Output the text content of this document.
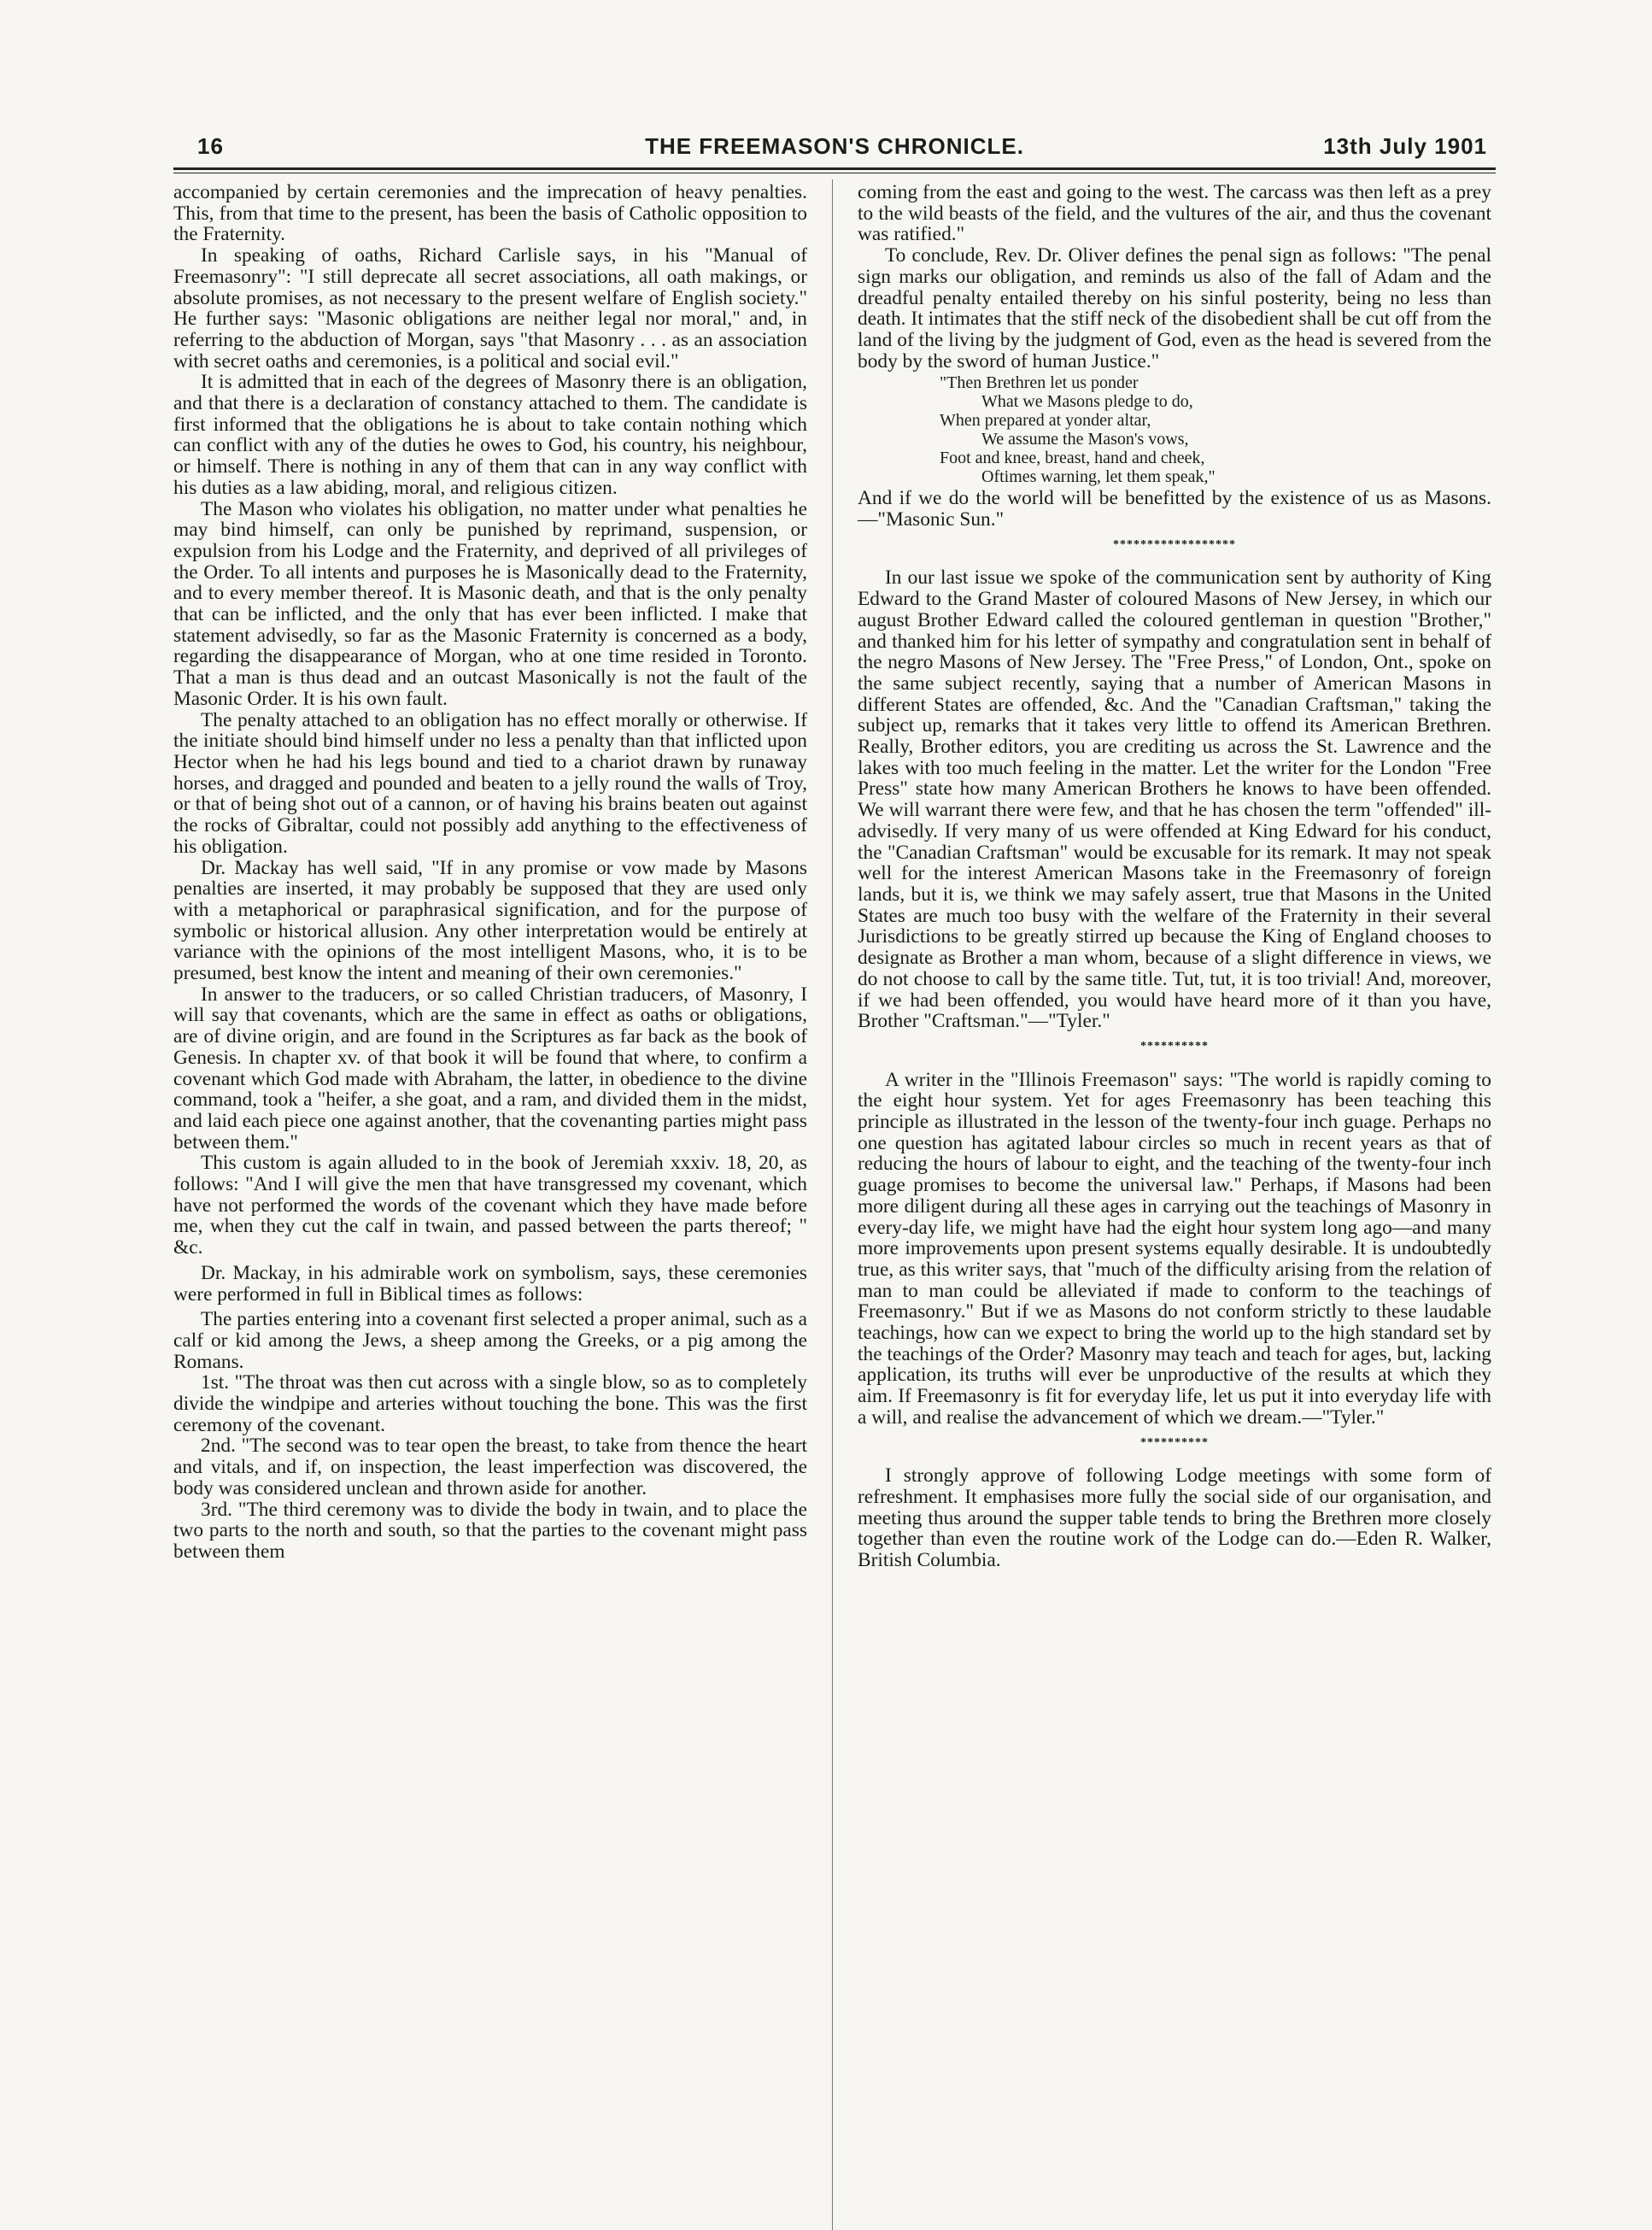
16	THE FREEMASON'S CHRONICLE.	13th July 1901

accompanied by certain ceremonies and the imprecation of heavy penalties. This, from that time to the present, has been the basis of Catholic opposition to the Fraternity.

In speaking of oaths, Richard Carlisle says, in his "Manual of Freemasonry": "I still deprecate all secret associations, all oath makings, or absolute promises, as not necessary to the present welfare of English society." He further says: "Masonic obligations are neither legal nor moral," and, in referring to the abduction of Morgan, says "that Masonry . . . as an association with secret oaths and ceremonies, is a political and social evil."

It is admitted that in each of the degrees of Masonry there is an obligation, and that there is a declaration of constancy attached to them. The candidate is first informed that the obligations he is about to take contain nothing which can conflict with any of the duties he owes to God, his country, his neighbour, or himself. There is nothing in any of them that can in any way conflict with his duties as a law abiding, moral, and religious citizen.

The Mason who violates his obligation, no matter under what penalties he may bind himself, can only be punished by reprimand, suspension, or expulsion from his Lodge and the Fraternity, and deprived of all privileges of the Order. To all intents and purposes he is Masonically dead to the Fraternity, and to every member thereof. It is Masonic death, and that is the only penalty that can be inflicted, and the only that has ever been inflicted. I make that statement advisedly, so far as the Masonic Fraternity is concerned as a body, regarding the disappearance of Morgan, who at one time resided in Toronto. That a man is thus dead and an outcast Masonically is not the fault of the Masonic Order. It is his own fault.

The penalty attached to an obligation has no effect morally or otherwise. If the initiate should bind himself under no less a penalty than that inflicted upon Hector when he had his legs bound and tied to a chariot drawn by runaway horses, and dragged and pounded and beaten to a jelly round the walls of Troy, or that of being shot out of a cannon, or of having his brains beaten out against the rocks of Gibraltar, could not possibly add anything to the effectiveness of his obligation.

Dr. Mackay has well said, "If in any promise or vow made by Masons penalties are inserted, it may probably be supposed that they are used only with a metaphorical or paraphrasical signification, and for the purpose of symbolic or historical allusion. Any other interpretation would be entirely at variance with the opinions of the most intelligent Masons, who, it is to be presumed, best know the intent and meaning of their own ceremonies."

In answer to the traducers, or so called Christian traducers, of Masonry, I will say that covenants, which are the same in effect as oaths or obligations, are of divine origin, and are found in the Scriptures as far back as the book of Genesis. In chapter xv. of that book it will be found that where, to confirm a covenant which God made with Abraham, the latter, in obedience to the divine command, took a "heifer, a she goat, and a ram, and divided them in the midst, and laid each piece one against another, that the covenanting parties might pass between them."

This custom is again alluded to in the book of Jeremiah xxxiv. 18, 20, as follows: "And I will give the men that have transgressed my covenant, which have not performed the words of the covenant which they have made before me, when they cut the calf in twain, and passed between the parts thereof; " &c.

Dr. Mackay, in his admirable work on symbolism, says, these ceremonies were performed in full in Biblical times as follows:

The parties entering into a covenant first selected a proper animal, such as a calf or kid among the Jews, a sheep among the Greeks, or a pig among the Romans.

1st. "The throat was then cut across with a single blow, so as to completely divide the windpipe and arteries without touching the bone. This was the first ceremony of the covenant.

2nd. "The second was to tear open the breast, to take from thence the heart and vitals, and if, on inspection, the least imperfection was discovered, the body was considered unclean and thrown aside for another.

3rd. "The third ceremony was to divide the body in twain, and to place the two parts to the north and south, so that the parties to the covenant might pass between them

coming from the east and going to the west. The carcass was then left as a prey to the wild beasts of the field, and the vultures of the air, and thus the covenant was ratified."

To conclude, Rev. Dr. Oliver defines the penal sign as follows: "The penal sign marks our obligation, and reminds us also of the fall of Adam and the dreadful penalty entailed thereby on his sinful posterity, being no less than death. It intimates that the stiff neck of the disobedient shall be cut off from the land of the living by the judgment of God, even as the head is severed from the body by the sword of human Justice."

"Then Brethren let us ponder
What we Masons pledge to do,
When prepared at yonder altar,
We assume the Mason's vows,
Foot and knee, breast, hand and cheek,
Oftimes warning, let them speak,"

And if we do the world will be benefitted by the existence of us as Masons.—"Masonic Sun."

******************

In our last issue we spoke of the communication sent by authority of King Edward to the Grand Master of coloured Masons of New Jersey, in which our august Brother Edward called the coloured gentleman in question "Brother," and thanked him for his letter of sympathy and congratulation sent in behalf of the negro Masons of New Jersey. The "Free Press," of London, Ont., spoke on the same subject recently, saying that a number of American Masons in different States are offended, &c. And the "Canadian Craftsman," taking the subject up, remarks that it takes very little to offend its American Brethren. Really, Brother editors, you are crediting us across the St. Lawrence and the lakes with too much feeling in the matter. Let the writer for the London "Free Press" state how many American Brothers he knows to have been offended. We will warrant there were few, and that he has chosen the term "offended" ill-advisedly. If very many of us were offended at King Edward for his conduct, the "Canadian Craftsman" would be excusable for its remark. It may not speak well for the interest American Masons take in the Freemasonry of foreign lands, but it is, we think we may safely assert, true that Masons in the United States are much too busy with the welfare of the Fraternity in their several Jurisdictions to be greatly stirred up because the King of England chooses to designate as Brother a man whom, because of a slight difference in views, we do not choose to call by the same title. Tut, tut, it is too trivial! And, moreover, if we had been offended, you would have heard more of it than you have, Brother "Craftsman."—"Tyler."

**********

A writer in the "Illinois Freemason" says: "The world is rapidly coming to the eight hour system. Yet for ages Freemasonry has been teaching this principle as illustrated in the lesson of the twenty-four inch guage. Perhaps no one question has agitated labour circles so much in recent years as that of reducing the hours of labour to eight, and the teaching of the twenty-four inch guage promises to become the universal law." Perhaps, if Masons had been more diligent during all these ages in carrying out the teachings of Masonry in every-day life, we might have had the eight hour system long ago—and many more improvements upon present systems equally desirable. It is undoubtedly true, as this writer says, that "much of the difficulty arising from the relation of man to man could be alleviated if made to conform to the teachings of Freemasonry." But if we as Masons do not conform strictly to these laudable teachings, how can we expect to bring the world up to the high standard set by the teachings of the Order? Masonry may teach and teach for ages, but, lacking application, its truths will ever be unproductive of the results at which they aim. If Freemasonry is fit for everyday life, let us put it into everyday life with a will, and realise the advancement of which we dream.—"Tyler."

**********

I strongly approve of following Lodge meetings with some form of refreshment. It emphasises more fully the social side of our organisation, and meeting thus around the supper table tends to bring the Brethren more closely together than even the routine work of the Lodge can do.—Eden R. Walker, British Columbia.
